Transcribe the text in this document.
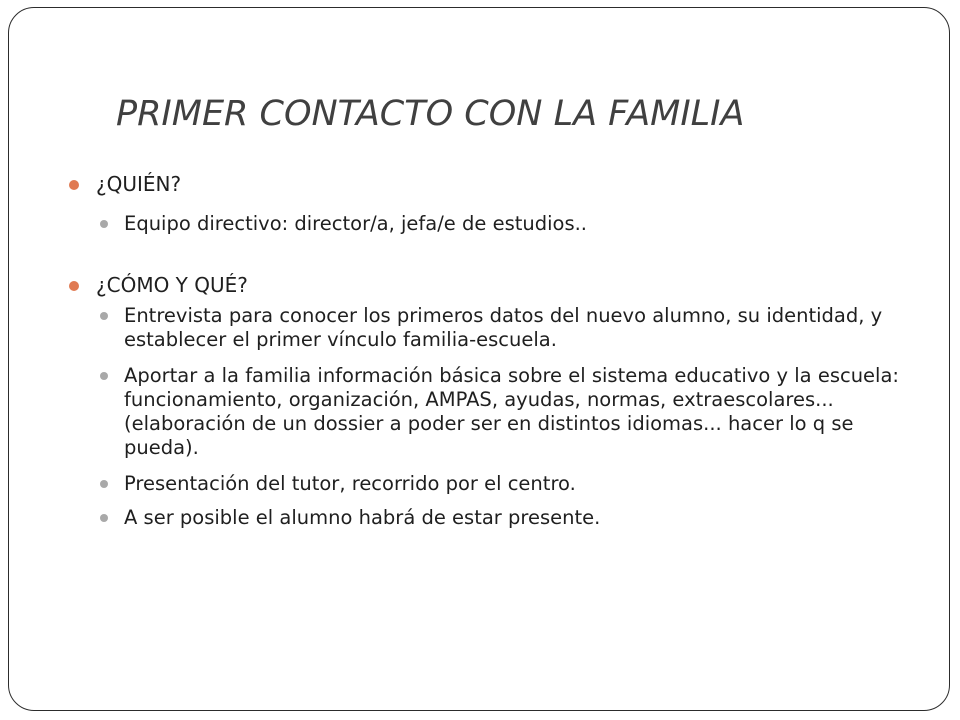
PRIMER CONTACTO CON LA FAMILIA
¿QUIÉN?
Equipo directivo: director/a, jefa/e de estudios..
¿CÓMO Y QUÉ?
Entrevista para conocer los primeros datos del nuevo alumno, su identidad, y establecer el primer vínculo familia-escuela.
Aportar a la familia información básica sobre el sistema educativo y la escuela: funcionamiento, organización, AMPAS, ayudas, normas, extraescolares... (elaboración de un dossier a poder ser en distintos idiomas... hacer lo q se pueda).
Presentación del tutor, recorrido por el centro.
A ser posible el alumno habrá de estar presente.
